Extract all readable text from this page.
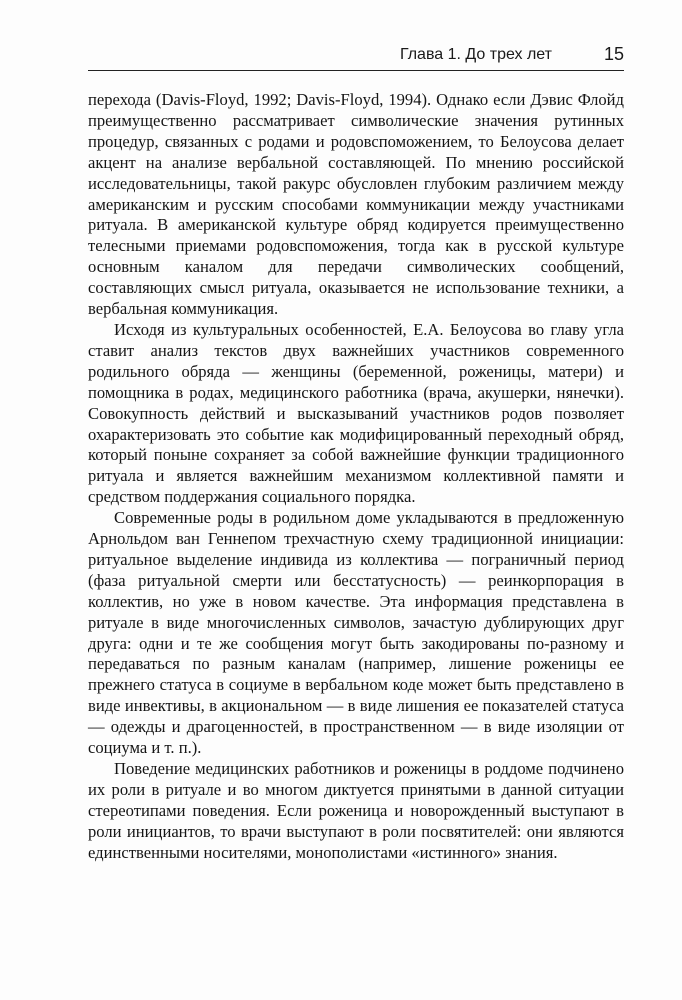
Глава 1. До трех лет	15

перехода (Davis-Floyd, 1992; Davis-Floyd, 1994). Однако если Дэвис Флойд преимущественно рассматривает символические значения рутинных процедур, связанных с родами и родовспоможением, то Белоусова делает акцент на анализе вербальной составляющей. По мнению российской исследовательницы, такой ракурс обусловлен глубоким различием между американским и русским способами коммуникации между участниками ритуала. В американской культуре обряд кодируется преимущественно телесными приемами родовспоможения, тогда как в русской культуре основным каналом для передачи символических сообщений, составляющих смысл ритуала, оказывается не использование техники, а вербальная коммуникация.

Исходя из культуральных особенностей, Е.А. Белоусова во главу угла ставит анализ текстов двух важнейших участников современного родильного обряда — женщины (беременной, роженицы, матери) и помощника в родах, медицинского работника (врача, акушерки, нянечки). Совокупность действий и высказываний участников родов позволяет охарактеризовать это событие как модифицированный переходный обряд, который поныне сохраняет за собой важнейшие функции традиционного ритуала и является важнейшим механизмом коллективной памяти и средством поддержания социального порядка.

Современные роды в родильном доме укладываются в предложенную Арнольдом ван Геннепом трехчастную схему традиционной инициации: ритуальное выделение индивида из коллектива — пограничный период (фаза ритуальной смерти или бесстатусность) — реинкорпорация в коллектив, но уже в новом качестве. Эта информация представлена в ритуале в виде многочисленных символов, зачастую дублирующих друг друга: одни и те же сообщения могут быть закодированы по-разному и передаваться по разным каналам (например, лишение роженицы ее прежнего статуса в социуме в вербальном коде может быть представлено в виде инвективы, в акциональном — в виде лишения ее показателей статуса — одежды и драгоценностей, в пространственном — в виде изоляции от социума и т. п.).

Поведение медицинских работников и роженицы в роддоме подчинено их роли в ритуале и во многом диктуется принятыми в данной ситуации стереотипами поведения. Если роженица и новорожденный выступают в роли инициантов, то врачи выступают в роли посвятителей: они являются единственными носителями, монополистами «истинного» знания.
